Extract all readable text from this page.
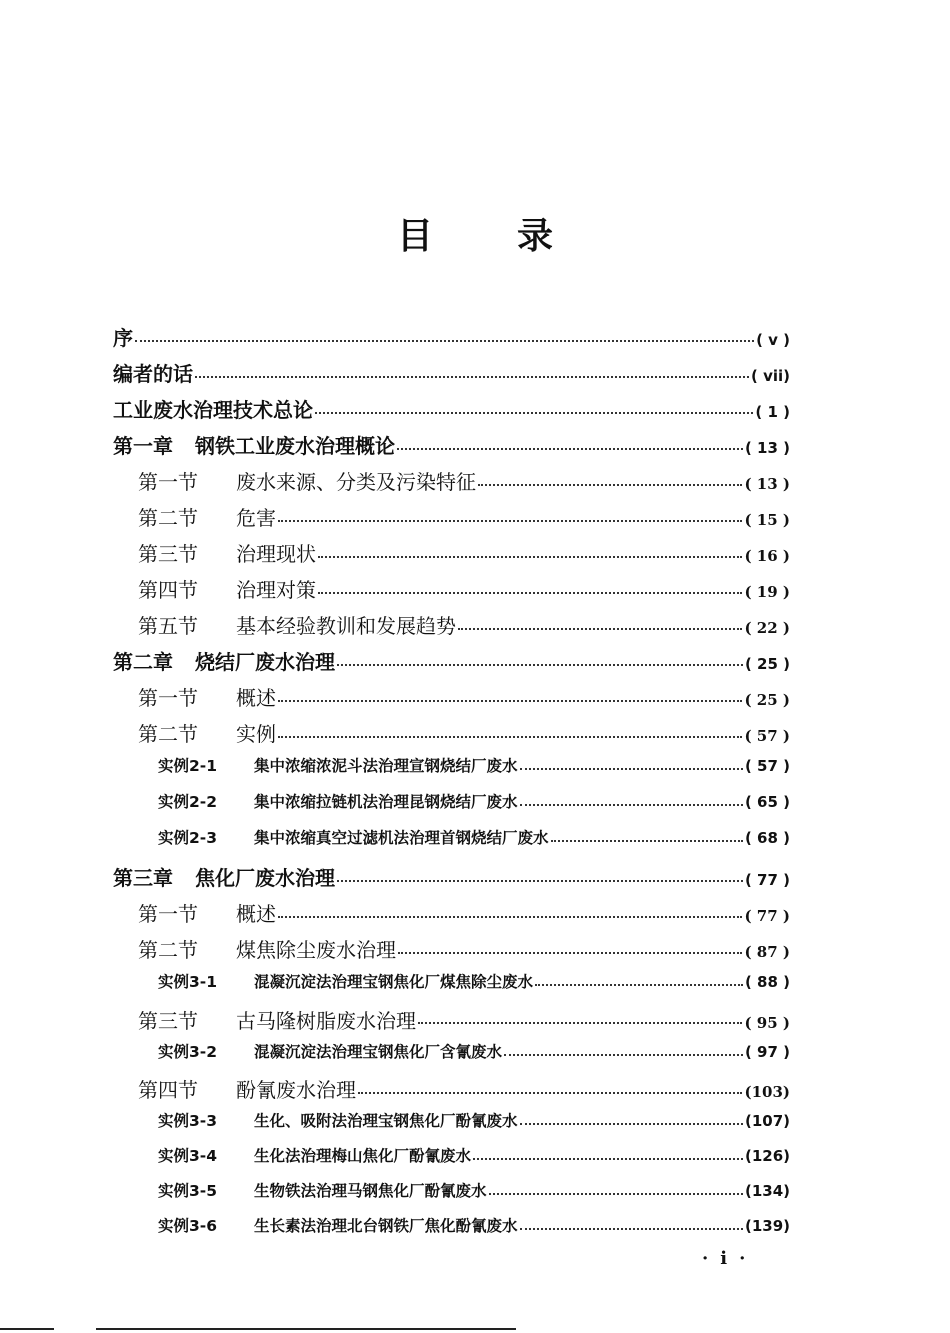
目录
序	( v )
编者的话	( vii)
工业废水治理技术总论	( 1 )
第一章 钢铁工业废水治理概论	( 13 )
第一节 废水来源、分类及污染特征	( 13 )
第二节 危害	( 15 )
第三节 治理现状	( 16 )
第四节 治理对策	( 19 )
第五节 基本经验教训和发展趋势	( 22 )
第二章 烧结厂废水治理	( 25 )
第一节 概述	( 25 )
第二节 实例	( 57 )
实例2-1 集中浓缩浓泥斗法治理宣钢烧结厂废水	( 57 )
实例2-2 集中浓缩拉链机法治理昆钢烧结厂废水	( 65 )
实例2-3 集中浓缩真空过滤机法治理首钢烧结厂废水	( 68 )
第三章 焦化厂废水治理	( 77 )
第一节 概述	( 77 )
第二节 煤焦除尘废水治理	( 87 )
实例3-1 混凝沉淀法治理宝钢焦化厂煤焦除尘废水	( 88 )
第三节 古马隆树脂废水治理	( 95 )
实例3-2 混凝沉淀法治理宝钢焦化厂含氰废水	( 97 )
第四节 酚氰废水治理	(103)
实例3-3 生化、吸附法治理宝钢焦化厂酚氰废水	(107)
实例3-4 生化法治理梅山焦化厂酚氰废水	(126)
实例3-5 生物铁法治理马钢焦化厂酚氰废水	(134)
实例3-6 生长素法治理北台钢铁厂焦化酚氰废水	(139)
·i·
